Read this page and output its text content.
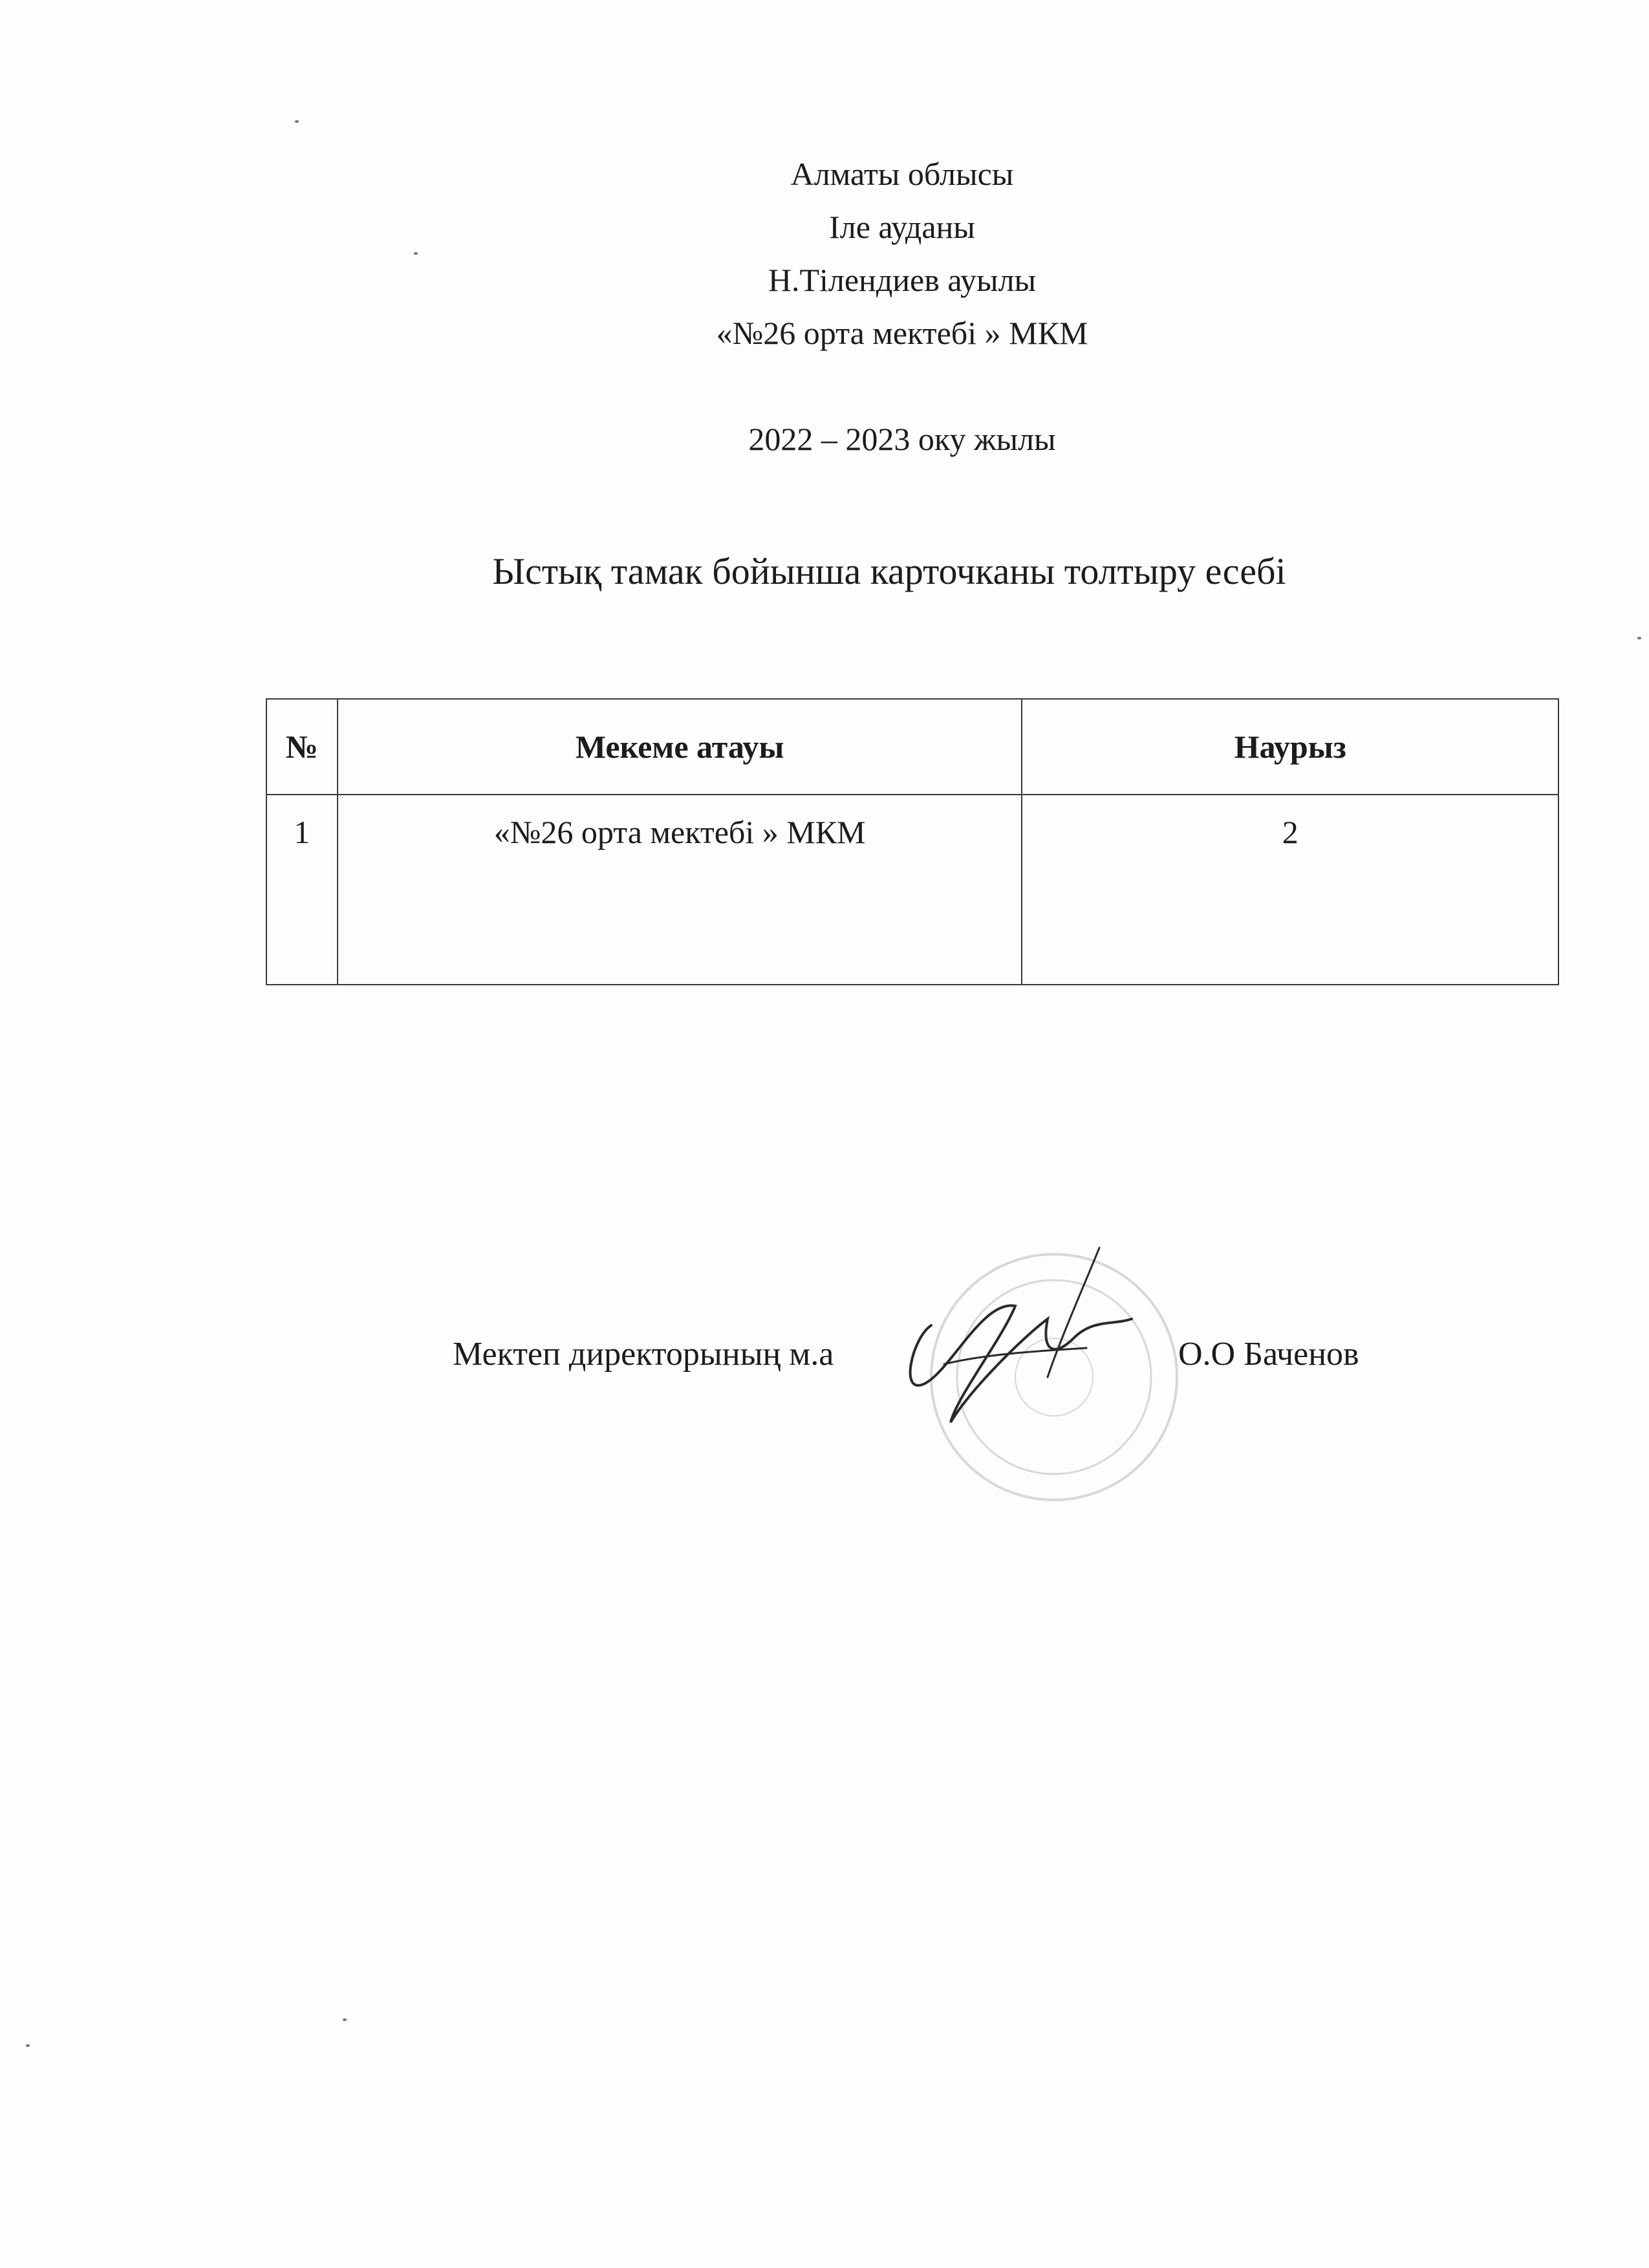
Алматы облысы
Іле ауданы
Н.Тілендиев ауылы
«№26 орта мектебі » МКМ
2022 – 2023 оку жылы
Ыстық тамак бойынша карточканы толтыру есебі
№	Мекеме атауы	Наурыз
1	«№26 орта мектебі » МКМ	2
Мектеп директорының м.а	О.О Баченов
